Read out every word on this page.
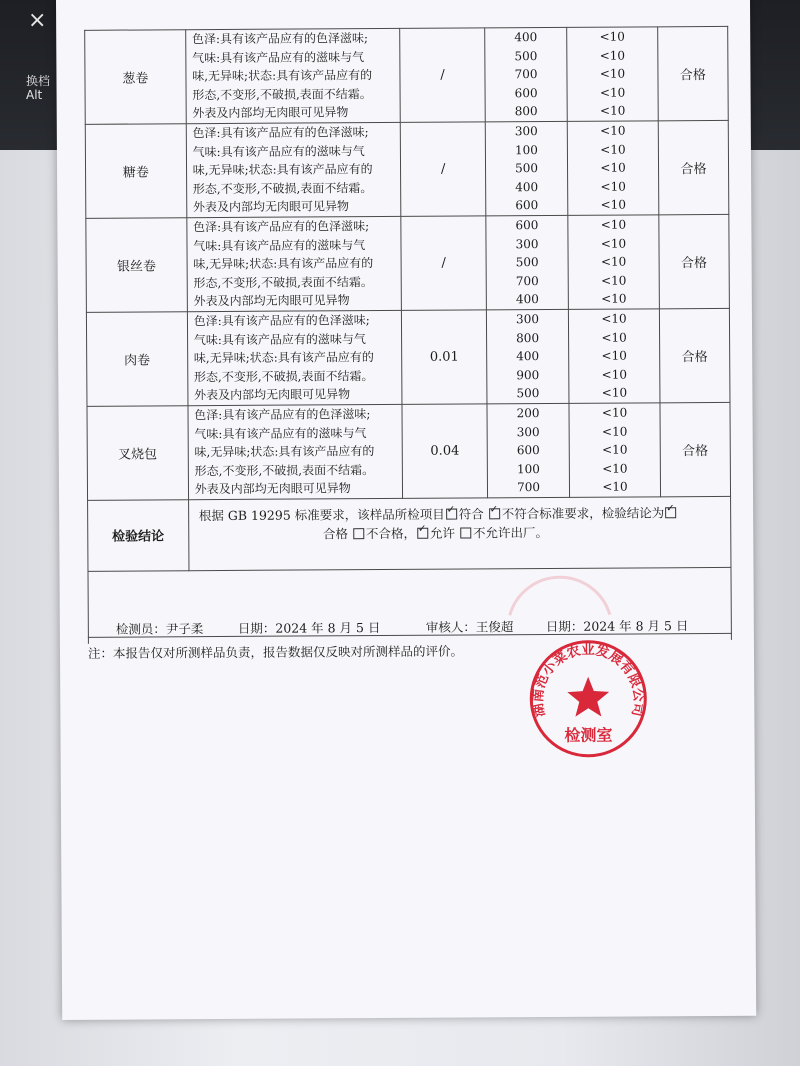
×
换档
Alt
葱卷	色泽:具有该产品应有的色泽滋味;
气味:具有该产品应有的滋味与气
味,无异味;状态:具有该产品应有的
形态,不变形,不破损,表面不结霜。
外表及内部均无肉眼可见异物	/	400
500
700
600
800	<10
<10
<10
<10
<10	合格
糖卷	色泽:具有该产品应有的色泽滋味;
气味:具有该产品应有的滋味与气
味,无异味;状态:具有该产品应有的
形态,不变形,不破损,表面不结霜。
外表及内部均无肉眼可见异物	/	300
100
500
400
600	<10
<10
<10
<10
<10	合格
银丝卷	色泽:具有该产品应有的色泽滋味;
气味:具有该产品应有的滋味与气
味,无异味;状态:具有该产品应有的
形态,不变形,不破损,表面不结霜。
外表及内部均无肉眼可见异物	/	600
300
500
700
400	<10
<10
<10
<10
<10	合格
肉卷	色泽:具有该产品应有的色泽滋味;
气味:具有该产品应有的滋味与气
味,无异味;状态:具有该产品应有的
形态,不变形,不破损,表面不结霜。
外表及内部均无肉眼可见异物	0.01	300
800
400
900
500	<10
<10
<10
<10
<10	合格
叉烧包	色泽:具有该产品应有的色泽滋味;
气味:具有该产品应有的滋味与气
味,无异味;状态:具有该产品应有的
形态,不变形,不破损,表面不结霜。
外表及内部均无肉眼可见异物	0.04	200
300
600
100
700	<10
<10
<10
<10
<10	合格
检验结论	根据 GB 19295 标准要求，该样品所检项目 ✓ 符合 ✓ 不符合标准要求，检验结论为✓
合格 不合格， ✓ 允许 不允许出厂。

检测员：尹子柔	日期：2024 年 8 月 5 日	审核人：王俊超	日期：2024 年 8 月 5 日
注：本报告仅对所测样品负责，报告数据仅反映对所测样品的评价。
湖南范小菜农业发展有限公司
检测室
